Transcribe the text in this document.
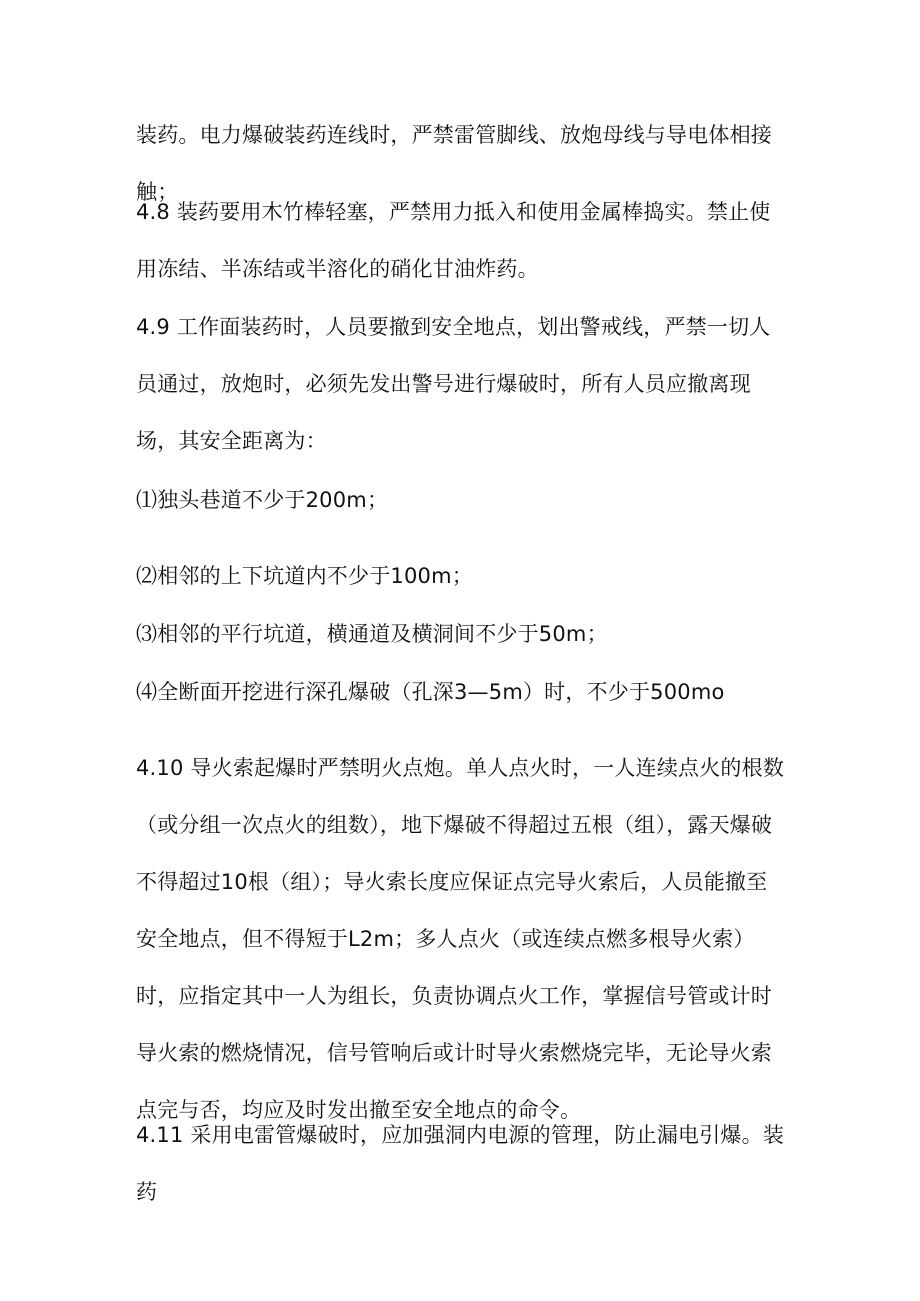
装药。电力爆破装药连线时，严禁雷管脚线、放炮母线与导电体相接触；

4.8 装药要用木竹棒轻塞，严禁用力抵入和使用金属棒捣实。禁止使用冻结、半冻结或半溶化的硝化甘油炸药。

4.9 工作面装药时，人员要撤到安全地点，划出警戒线，严禁一切人员通过，放炮时，必须先发出警号进行爆破时，所有人员应撤离现场，其安全距离为：

⑴独头巷道不少于200m；

⑵相邻的上下坑道内不少于100m；

⑶相邻的平行坑道，横通道及横洞间不少于50m；

⑷全断面开挖进行深孔爆破（孔深3—5m）时，不少于500mo

4.10 导火索起爆时严禁明火点炮。单人点火时，一人连续点火的根数（或分组一次点火的组数），地下爆破不得超过五根（组），露天爆破不得超过10根（组）；导火索长度应保证点完导火索后，人员能撤至安全地点，但不得短于L2m；多人点火（或连续点燃多根导火索）时，应指定其中一人为组长，负责协调点火工作，掌握信号管或计时导火索的燃烧情况，信号管响后或计时导火索燃烧完毕，无论导火索点完与否，均应及时发出撤至安全地点的命令。

4.11 采用电雷管爆破时，应加强洞内电源的管理，防止漏电引爆。装药
